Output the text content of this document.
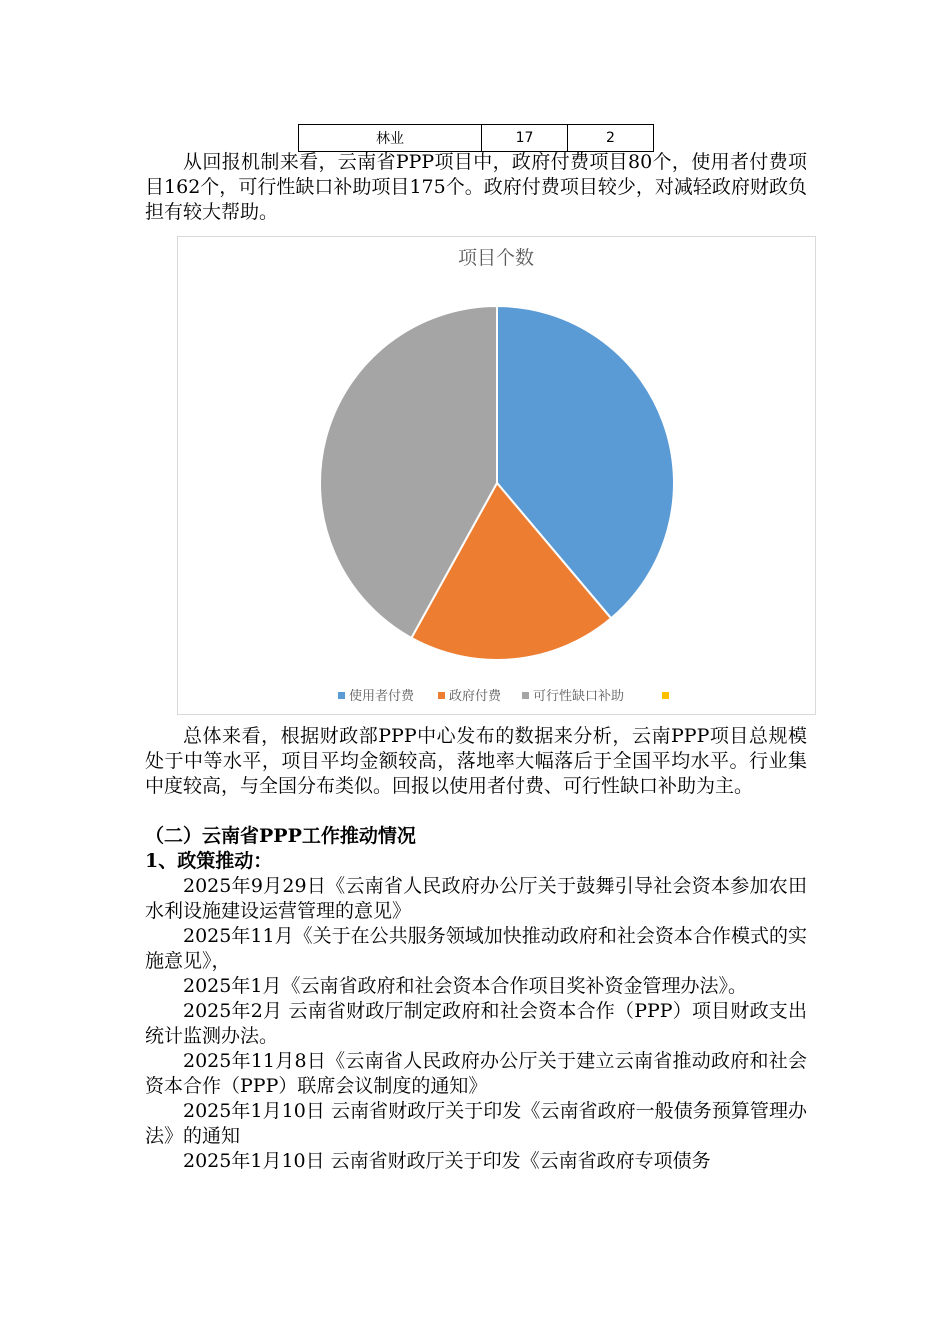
林业	17	2

从回报机制来看，云南省PPP项目中，政府付费项目80个，使用者付费项目162个，可行性缺口补助项目175个。政府付费项目较少，对减轻政府财政负担有较大帮助。

项目个数
使用者付费	政府付费 可行性缺口补助

总体来看，根据财政部PPP中心发布的数据来分析，云南PPP项目总规模处于中等水平，项目平均金额较高，落地率大幅落后于全国平均水平。行业集中度较高，与全国分布类似。回报以使用者付费、可行性缺口补助为主。

（二）云南省PPP工作推动情况
1、政策推动：

2025年9月29日《云南省人民政府办公厅关于鼓舞引导社会资本参加农田水利设施建设运营管理的意见》

2025年11月《关于在公共服务领域加快推动政府和社会资本合作模式的实施意见》，

2025年1月《云南省政府和社会资本合作项目奖补资金管理办法》。

2025年2月 云南省财政厅制定政府和社会资本合作（PPP）项目财政支出统计监测办法。

2025年11月8日《云南省人民政府办公厅关于建立云南省推动政府和社会资本合作（PPP）联席会议制度的通知》

2025年1月10日 云南省财政厅关于印发《云南省政府一般债务预算管理办法》的通知

2025年1月10日 云南省财政厅关于印发《云南省政府专项债务
